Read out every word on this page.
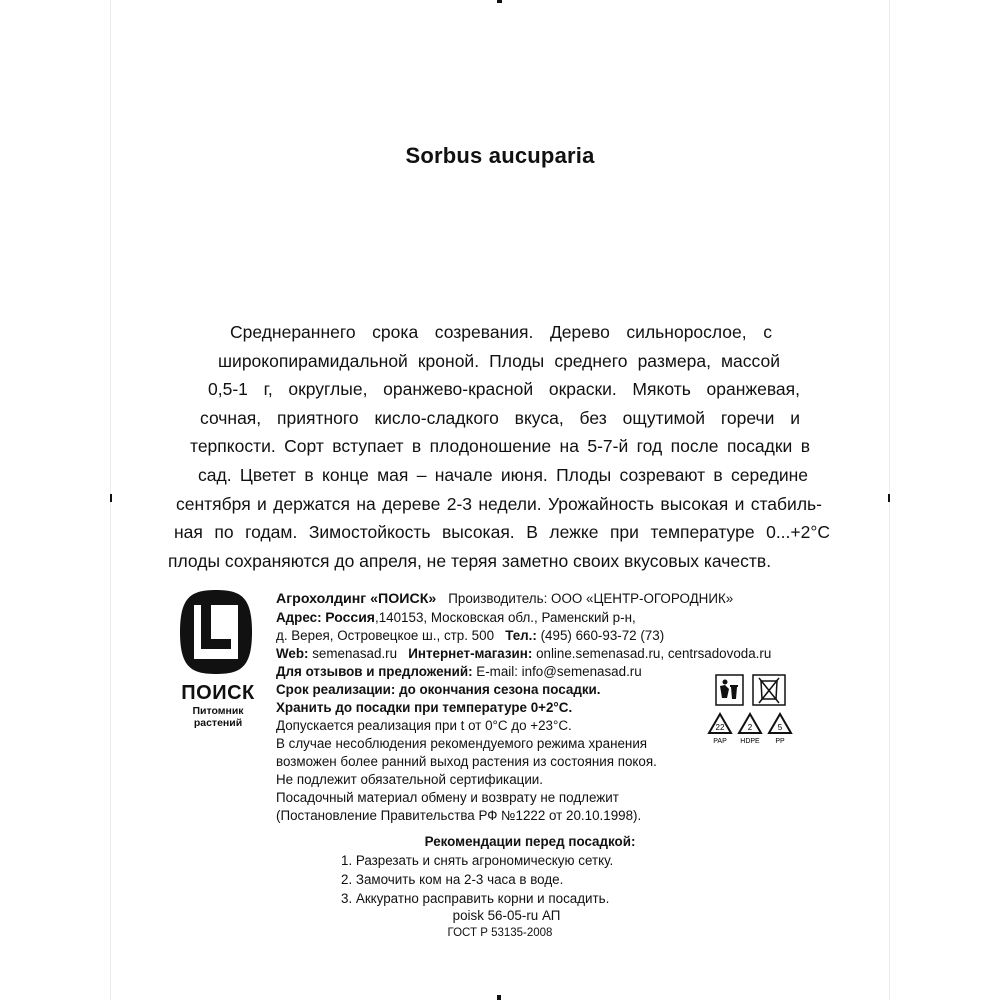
Sorbus aucuparia
Среднераннего срока созревания. Дерево сильнорослое, с
широкопирамидальной кроной. Плоды среднего размера, массой
0,5-1 г, округлые, оранжево-красной окраски. Мякоть оранжевая,
сочная, приятного кисло-сладкого вкуса, без ощутимой горечи и
терпкости. Сорт вступает в плодоношение на 5-7-й год после посадки в
сад. Цветет в конце мая – начале июня. Плоды созревают в середине
сентября и держатся на дереве 2-3 недели. Урожайность высокая и стабиль-
ная по годам. Зимостойкость высокая. В лежке при температуре 0...+2°С
плоды сохраняются до апреля, не теряя заметно своих вкусовых качеств.
ПОИСК
Питомник
растений
Агрохолдинг «ПОИСК» Производитель: ООО «ЦЕНТР-ОГОРОДНИК»
Адрес: Россия,140153, Московская обл., Раменский р-н,
д. Верея, Островецкое ш., стр. 500 Тел.: (495) 660-93-72 (73)
Web: semenasad.ru Интернет-магазин: online.semenasad.ru, centrsadovoda.ru
Для отзывов и предложений: E-mail: info@semenasad.ru
Срок реализации: до окончания сезона посадки.
Хранить до посадки при температуре 0+2°С.
Допускается реализация при t от 0°С до +23°С.
В случае несоблюдения рекомендуемого режима хранения
возможен более ранний выход растения из состояния покоя.
Не подлежит обязательной сертификации.
Посадочный материал обмену и возврату не подлежит
(Постановление Правительства РФ №1222 от 20.10.1998).
22
PAP
2
HDPE
5
PP
Рекомендации перед посадкой:
1. Разрезать и снять агрономическую сетку.
2. Замочить ком на 2-3 часа в воде.
3. Аккуратно расправить корни и посадить.
poisk 56-05-ru АП
ГОСТ Р 53135-2008
